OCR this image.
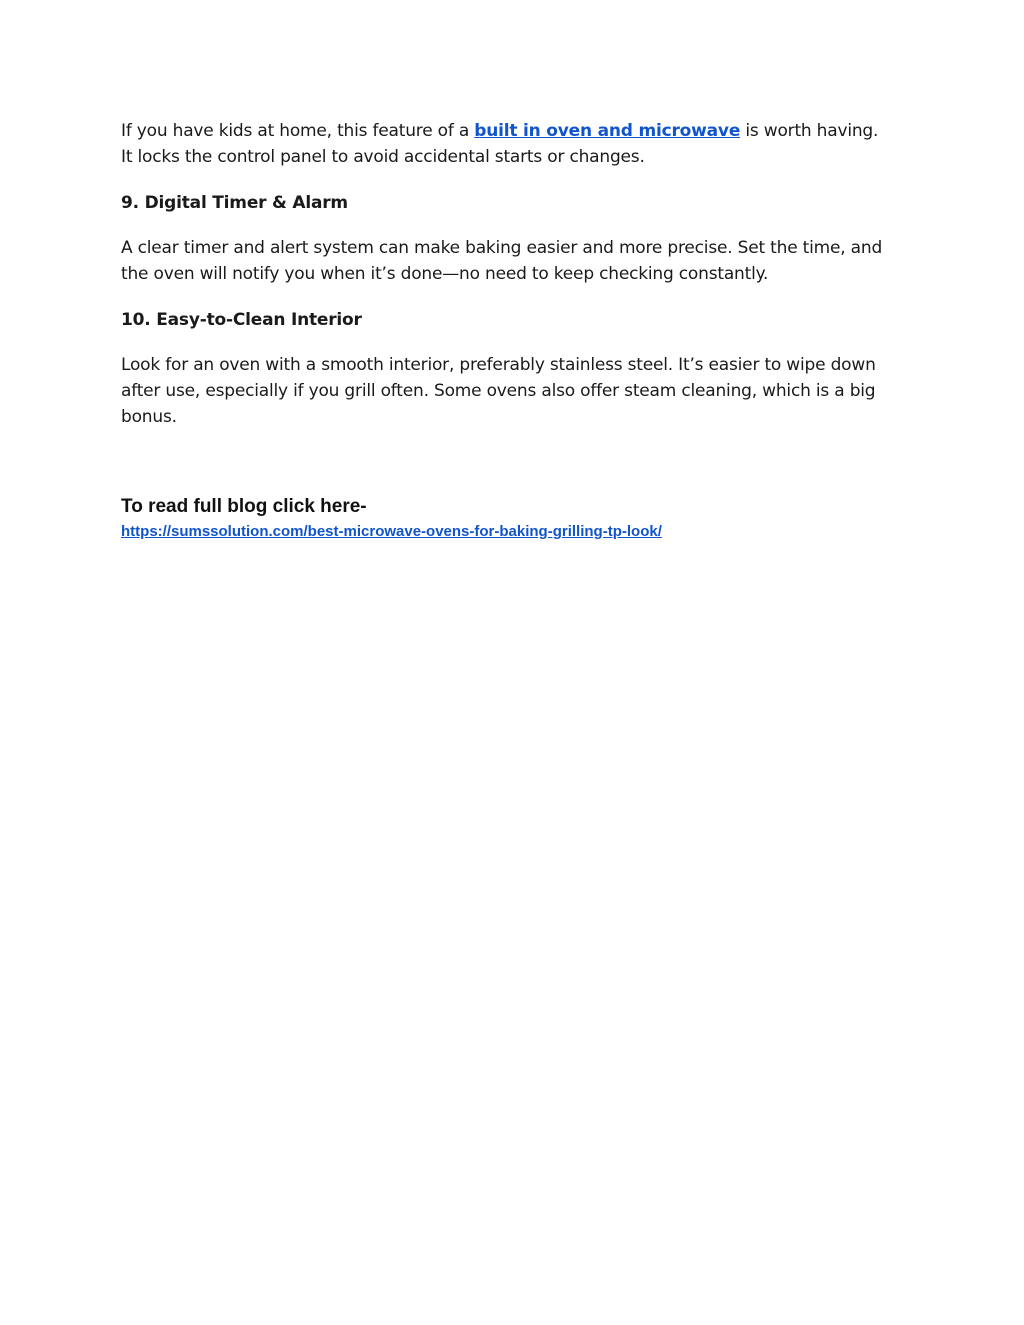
If you have kids at home, this feature of a built in oven and microwave is worth having. It locks the control panel to avoid accidental starts or changes.

9. Digital Timer & Alarm

A clear timer and alert system can make baking easier and more precise. Set the time, and the oven will notify you when it’s done—no need to keep checking constantly.

10. Easy-to-Clean Interior

Look for an oven with a smooth interior, preferably stainless steel. It’s easier to wipe down after use, especially if you grill often. Some ovens also offer steam cleaning, which is a big bonus.

To read full blog click here-

https://sumssolution.com/best-microwave-ovens-for-baking-grilling-tp-look/
